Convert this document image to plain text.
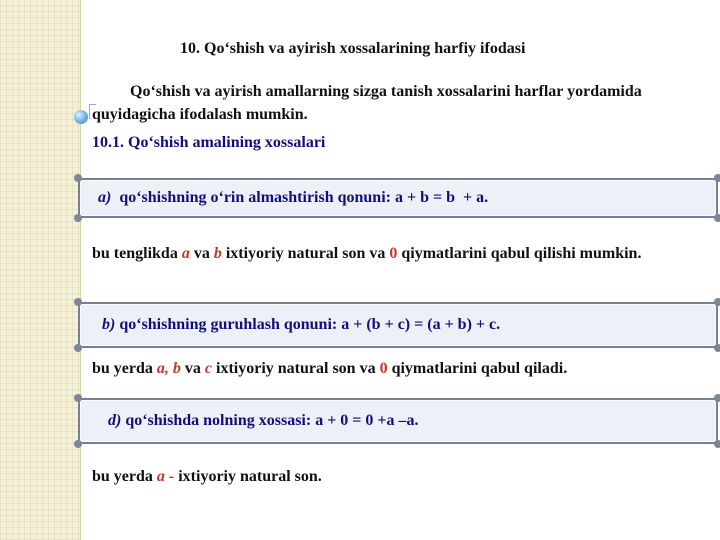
10. Qo‘shish va ayirish xossalarining harfiy ifodasi
Qo‘shish va ayirish amallarning sizga tanish xossalarini harflar yordamida quyidagicha ifodalash mumkin.
10.1. Qo‘shish amalining xossalari
a) qo‘shishning o‘rin almashtirish qonuni: a + b = b  + a.
bu tenglikda a va b ixtiyoriy natural son va 0 qiymatlarini qabul qilishi mumkin.
b) qo‘shishning guruhlash qonuni: a + (b + c) = (a + b) + c.
bu yerda a, b va c ixtiyoriy natural son va 0 qiymatlarini qabul qiladi.
d) qo‘shishda nolning xossasi: a + 0 = 0 +a –a.
bu yerda a - ixtiyoriy natural son.
